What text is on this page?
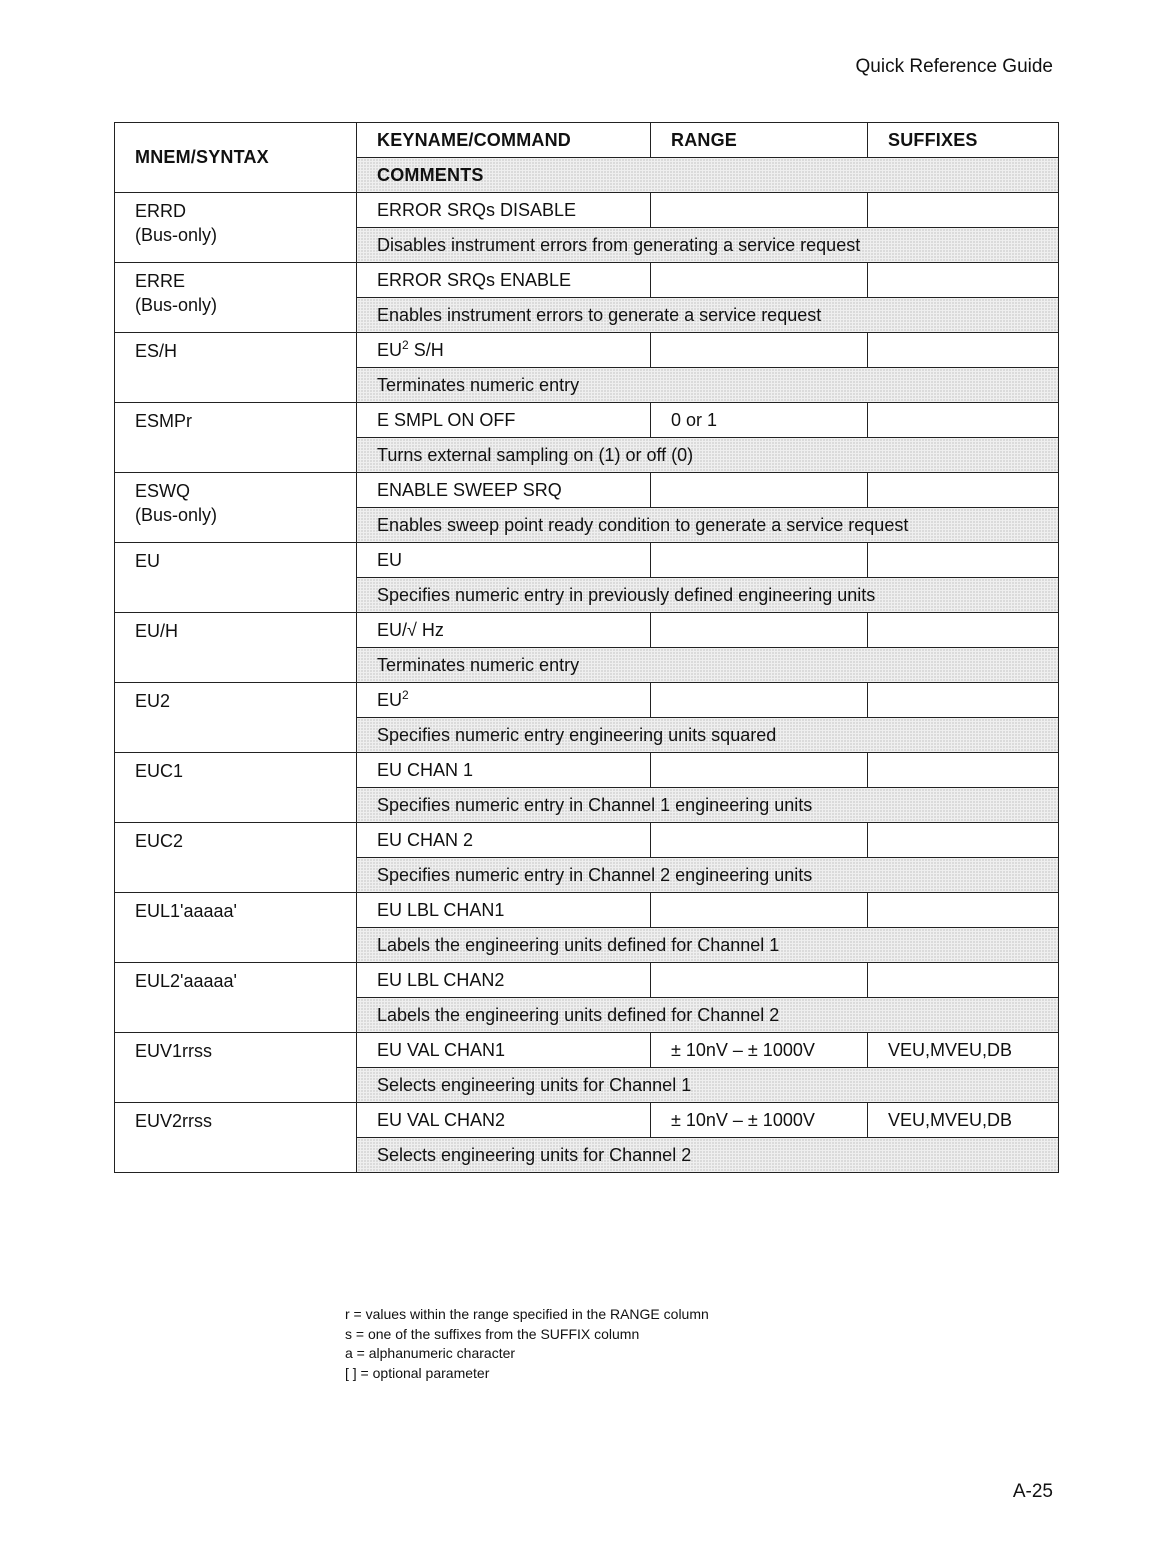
Quick Reference Guide
MNEM/SYNTAX	KEYNAME/COMMAND	RANGE	SUFFIXES
	COMMENTS		

ERRD
(Bus-only)	ERROR SRQs DISABLE		
	Disables instrument errors from generating a service request		

ERRE
(Bus-only)	ERROR SRQs ENABLE		
	Enables instrument errors to generate a service request		

ES/H	$EU^2$ S/H		
	Terminates numeric entry		

ESMPr	E SMPL ON OFF	0 or 1	
	Turns external sampling on (1) or off (0)		

ESWQ
(Bus-only)	ENABLE SWEEP SRQ		
	Enables sweep point ready condition to generate a service request		

EU	EU		
	Specifies numeric entry in previously defined engineering units		

EU/H	EU/√ Hz		
	Terminates numeric entry		

EU2	$EU^2$		
	Specifies numeric entry engineering units squared		

EUC1	EU CHAN 1		
	Specifies numeric entry in Channel 1 engineering units		

EUC2	EU CHAN 2		
	Specifies numeric entry in Channel 2 engineering units		

EUL1'aaaaa'	EU LBL CHAN1		
	Labels the engineering units defined for Channel 1		

EUL2'aaaaa'	EU LBL CHAN2		
	Labels the engineering units defined for Channel 2		

EUV1rrss	EU VAL CHAN1	± 10nV – ± 1000V	VEU,MVEU,DB
	Selects engineering units for Channel 1		

EUV2rrss	EU VAL CHAN2	± 10nV – ± 1000V	VEU,MVEU,DB
	Selects engineering units for Channel 2		
r = values within the range specified in the RANGE column
s = one of the suffixes from the SUFFIX column
a = alphanumeric character
[ ] = optional parameter
A-25
